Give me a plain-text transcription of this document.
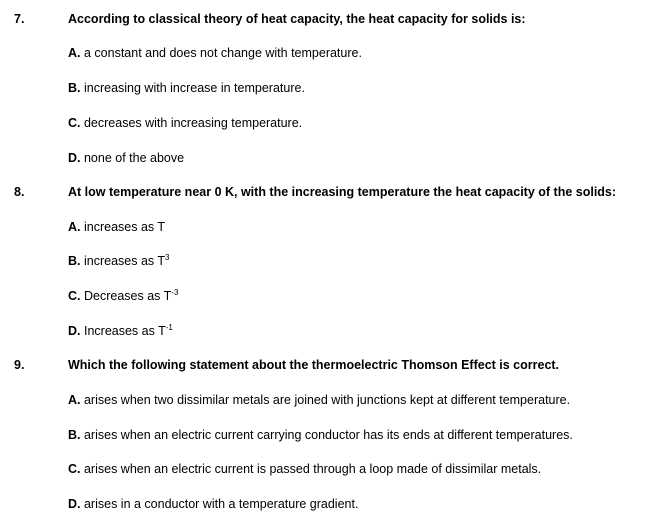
7.	According to classical theory of heat capacity, the heat capacity for solids is:
A. a constant and does not change with temperature.
B. increasing with increase in temperature.
C. decreases with increasing temperature.
D. none of the above
8.	At low temperature near 0 K, with the increasing temperature the heat capacity of the solids:
A. increases as T
B. increases as $T^3$
C. Decreases as $T^{-3}$
D. Increases as $T^{-1}$
9.	Which the following statement about the thermoelectric Thomson Effect is correct.
A. arises when two dissimilar metals are joined with junctions kept at different temperature.
B. arises when an electric current carrying conductor has its ends at different temperatures.
C. arises when an electric current is passed through a loop made of dissimilar metals.
D. arises in a conductor with a temperature gradient.
